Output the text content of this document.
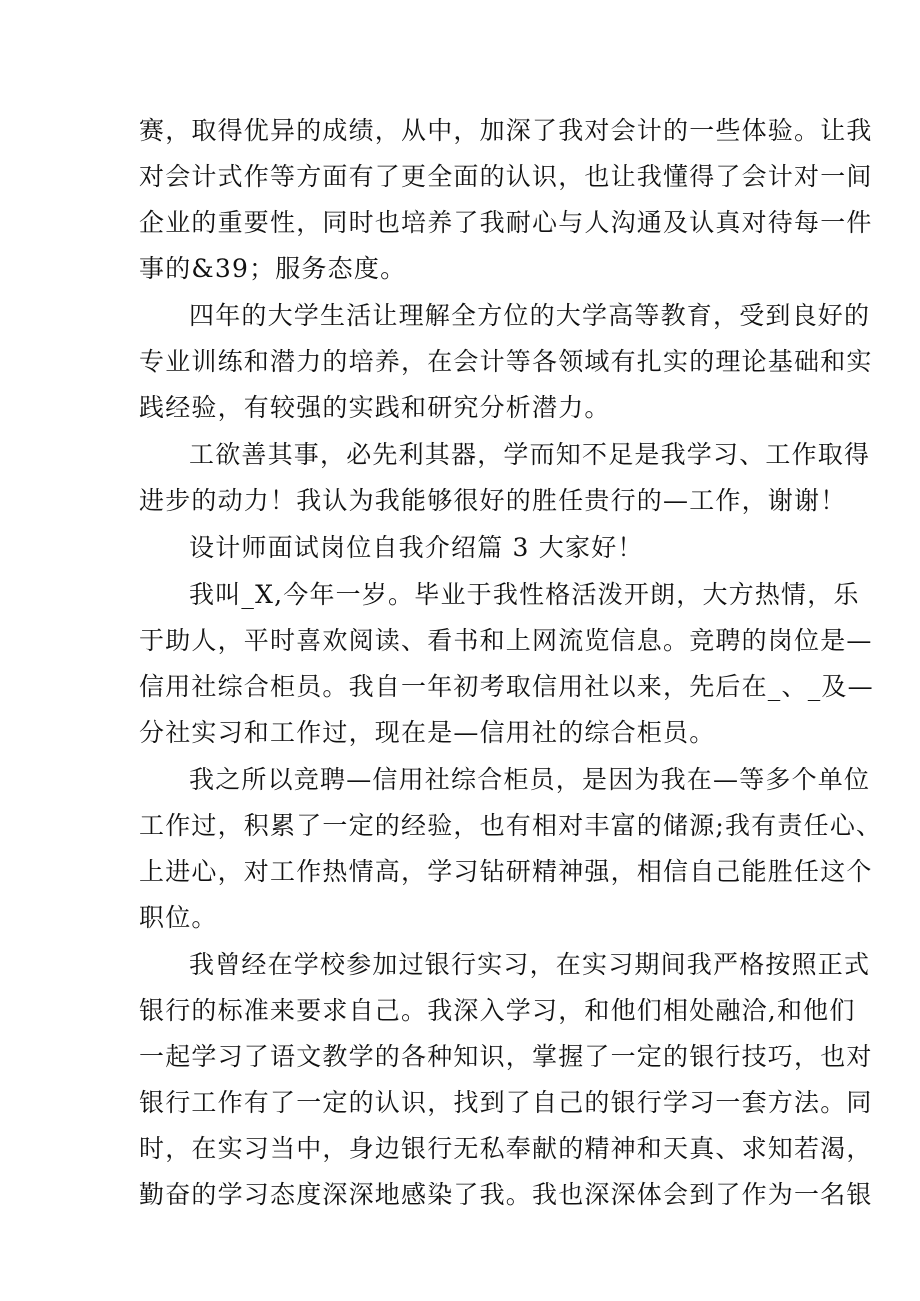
赛，取得优异的成绩，从中，加深了我对会计的一些体验。让我
对会计式作等方面有了更全面的认识，也让我懂得了会计对一间
企业的重要性，同时也培养了我耐心与人沟通及认真对待每一件
事的&39；服务态度。
四年的大学生活让理解全方位的大学高等教育，受到良好的
专业训练和潜力的培养，在会计等各领域有扎实的理论基础和实
践经验，有较强的实践和研究分析潜力。
工欲善其事，必先利其器，学而知不足是我学习、工作取得
进步的动力！我认为我能够很好的胜任贵行的—工作，谢谢！
设计师面试岗位自我介绍篇 3 大家好！
我叫_X,今年一岁。毕业于我性格活泼开朗，大方热情，乐
于助人，平时喜欢阅读、看书和上网流览信息。竞聘的岗位是—
信用社综合柜员。我自一年初考取信用社以来，先后在_、_及—
分社实习和工作过，现在是—信用社的综合柜员。
我之所以竞聘—信用社综合柜员，是因为我在—等多个单位
工作过，积累了一定的经验，也有相对丰富的储源;我有责任心、
上进心，对工作热情高，学习钻研精神强，相信自己能胜任这个
职位。
我曾经在学校参加过银行实习，在实习期间我严格按照正式
银行的标准来要求自己。我深入学习，和他们相处融洽,和他们
一起学习了语文教学的各种知识，掌握了一定的银行技巧，也对
银行工作有了一定的认识，找到了自己的银行学习一套方法。同
时，在实习当中，身边银行无私奉献的精神和天真、求知若渴，
勤奋的学习态度深深地感染了我。我也深深体会到了作为一名银
